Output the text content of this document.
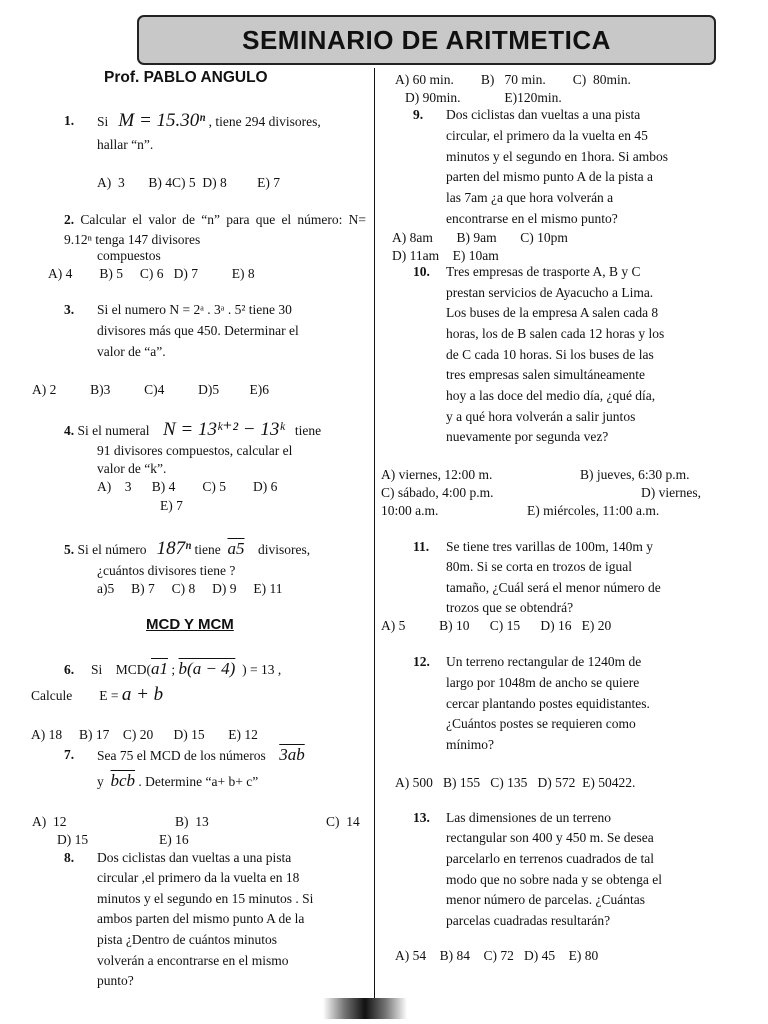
SEMINARIO DE ARITMETICA
Prof. PABLO ANGULO
1. Si M = 15.30ⁿ , tiene 294 divisores,
hallar “n”.
A)  3       B) 4C) 5  D) 8         E) 7
2. Calcular el valor de “n” para que el número: N= 9.12ⁿ tenga 147 divisores
compuestos
A) 4        B) 5     C) 6   D) 7          E) 8
3. Si el numero N = 2ᵃ . 3ᵃ . 5² tiene 30
divisores más que 450. Determinar el
valor de “a”.
A) 2          B)3          C)4          D)5         E)6
4. Si el numeral N = 13ᵏ⁺² − 13ᵏ tiene
91 divisores compuestos, calcular el
valor de “k”.
A)    3      B) 4        C) 5        D) 6
E) 7
5. Si el número 187ⁿ tiene a5 divisores,
¿cuántos divisores tiene ?
a)5     B) 7     C) 8     D) 9     E) 11
MCD Y MCM
6. Si MCD(a1 ; b(a − 4) ) = 13 ,
Calcule E = a + b
A) 18     B) 17    C) 20      D) 15       E) 12
7. Sea 75 el MCD de los números 3ab
y $\overline{bcb}$ . Determine “a+ b+ c”
A)  12	B)  13	C)  14
D) 15                     E) 16
8. Dos ciclistas dan vueltas a una pista
circular ,el primero da la vuelta en 18
minutos y el segundo en 15 minutos . Si
ambos parten del mismo punto A de la
pista ¿Dentro de cuántos minutos
volverán a encontrarse en el mismo
punto?
A) 60 min.        B)   70 min.        C)  80min.
D) 90min.             E)120min.
9. Dos ciclistas dan vueltas a una pista
circular, el primero da la vuelta en 45
minutos y el segundo en 1hora. Si ambos
parten del mismo punto A de la pista a
las 7am ¿a que hora volverán a
encontrarse en el mismo punto?
A) 8am       B) 9am       C) 10pm
D) 11am    E) 10am
10. Tres empresas de trasporte A, B y C
prestan servicios de Ayacucho a Lima.
Los buses de la empresa A salen cada 8
horas, los de B salen cada 12 horas y los
de C cada 10 horas. Si los buses de las
tres empresas salen simultáneamente
hoy a las doce del medio día, ¿qué día,
y a qué hora volverán a salir juntos
nuevamente por segunda vez?
A) viernes, 12:00 m.	B) jueves, 6:30 p.m.
C) sábado, 4:00 p.m.	D) viernes,
10:00 a.m.	E) miércoles, 11:00 a.m.
11. Se tiene tres varillas de 100m, 140m y
80m. Si se corta en trozos de igual
tamaño, ¿Cuál será el menor número de
trozos que se obtendrá?
A) 5          B) 10      C) 15      D) 16   E) 20
12. Un terreno rectangular de 1240m de
largo por 1048m de ancho se quiere
cercar plantando postes equidistantes.
¿Cuántos postes se requieren como
mínimo?
A) 500   B) 155   C) 135   D) 572  E) 50422.
13. Las dimensiones de un terreno
rectangular son 400 y 450 m. Se desea
parcelarlo en terrenos cuadrados de tal
modo que no sobre nada y se obtenga el
menor número de parcelas. ¿Cuántas
parcelas cuadradas resultarán?
A) 54    B) 84    C) 72   D) 45    E) 80
